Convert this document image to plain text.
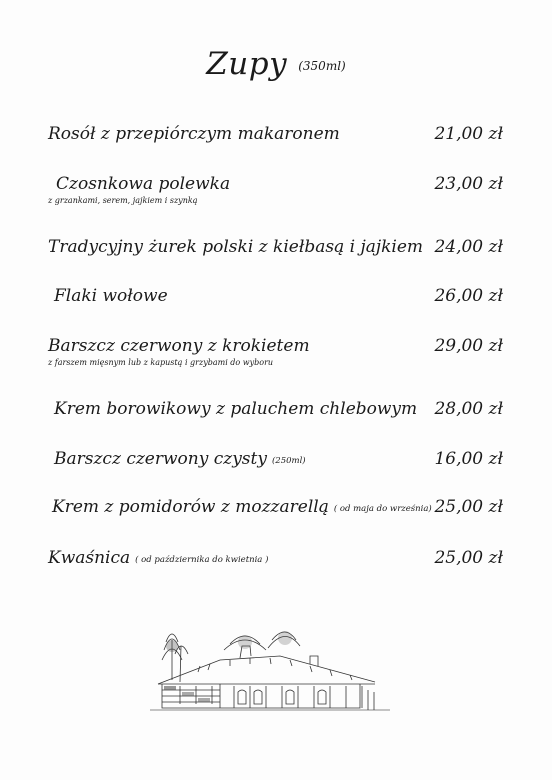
Zupy $^{(350ml)}$
Rosół z przepiórczym makaronem	21,00 zł
Czosnkowa polewka
z grzankami, serem, jajkiem i szynką
23,00 zł
Tradycyjny żurek polski z kiełbasą i jajkiem 24,00 zł
Flaki wołowe	26,00 zł
Barszcz czerwony z krokietem
z farszem mięsnym lub z kapustą i grzybami do wyboru
29,00 zł
Krem borowikowy z paluchem chlebowym 28,00 zł
Barszcz czerwony czysty (250ml)	16,00 zł
Krem z pomidorów z mozzarellą ( od maja do września) 25,00 zł
Kwaśnica ( od października do kwietnia )	25,00 zł
